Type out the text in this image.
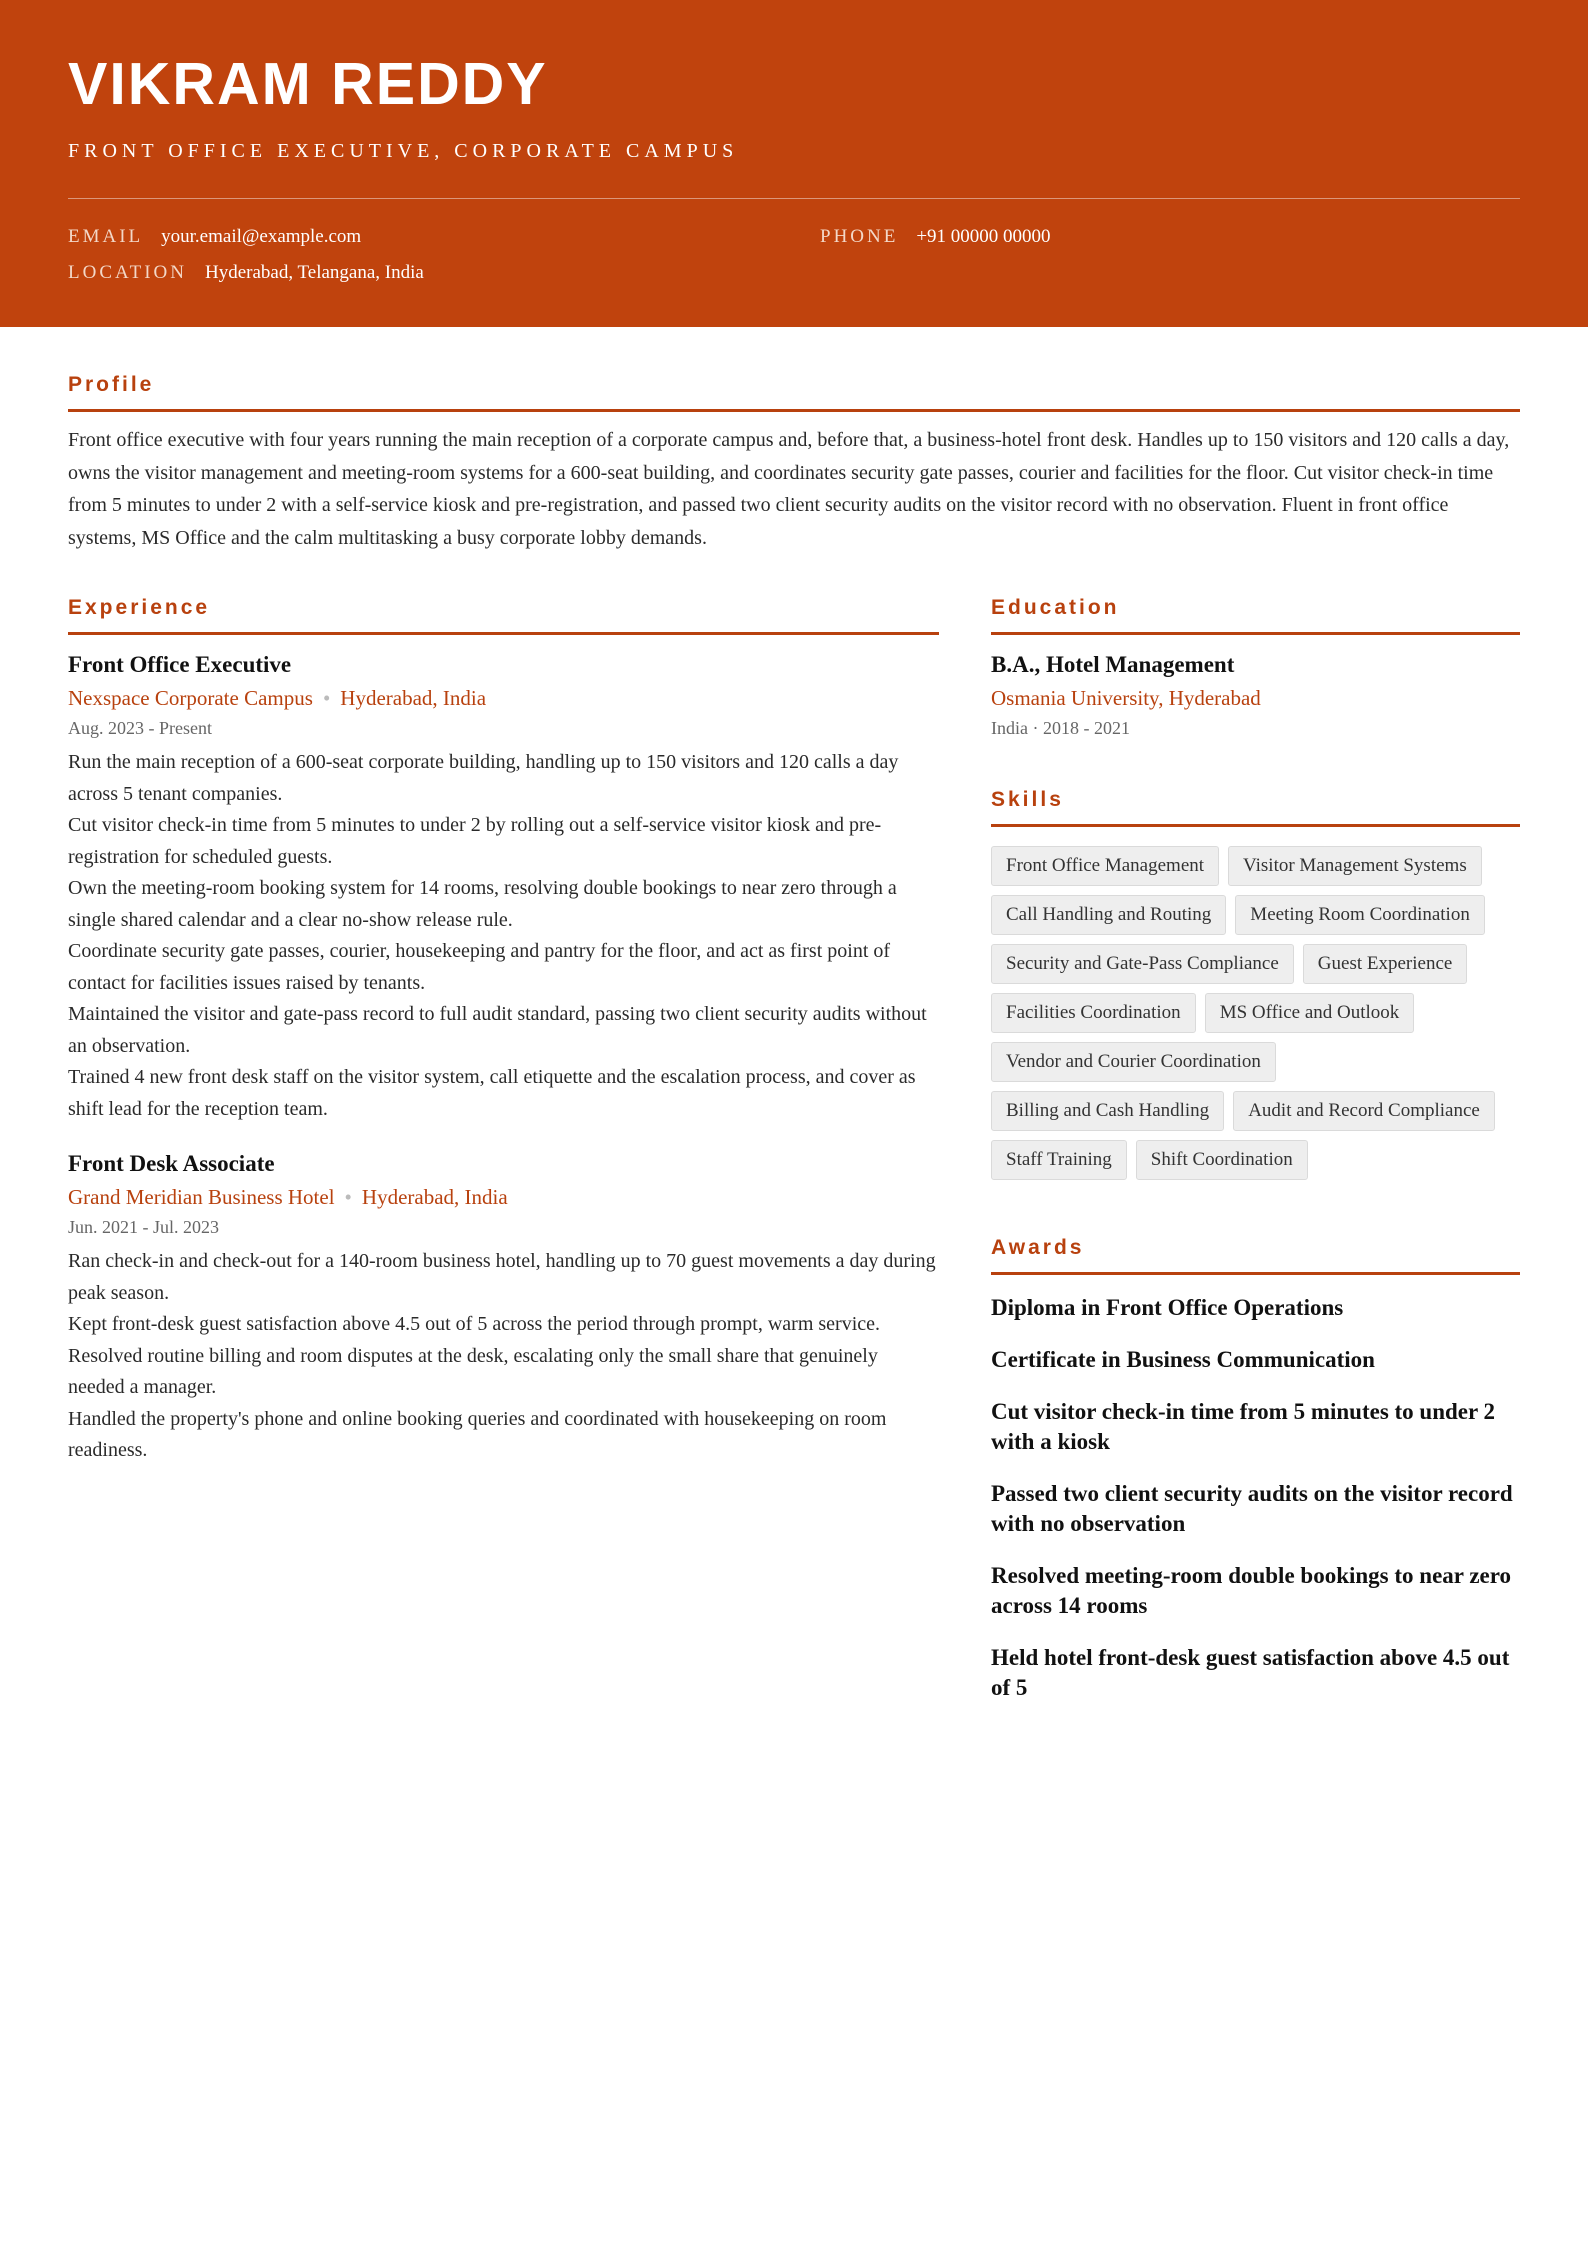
VIKRAM REDDY
FRONT OFFICE EXECUTIVE, CORPORATE CAMPUS
EMAIL your.email@example.com	PHONE +91 00000 00000
LOCATION Hyderabad, Telangana, India
Profile

Front office executive with four years running the main reception of a corporate campus and, before that, a business-hotel front desk. Handles up to 150 visitors and 120 calls a day, owns the visitor management and meeting-room systems for a 600-seat building, and coordinates security gate passes, courier and facilities for the floor. Cut visitor check-in time from 5 minutes to under 2 with a self-service kiosk and pre-registration, and passed two client security audits on the visitor record with no observation. Fluent in front office systems, MS Office and the calm multitasking a busy corporate lobby demands.

Experience
Front Office Executive
Nexspace Corporate Campus • Hyderabad, India
Aug. 2023 - Present
Run the main reception of a 600-seat corporate building, handling up to 150 visitors and 120 calls a day across 5 tenant companies.
Cut visitor check-in time from 5 minutes to under 2 by rolling out a self-service visitor kiosk and pre-registration for scheduled guests.
Own the meeting-room booking system for 14 rooms, resolving double bookings to near zero through a single shared calendar and a clear no-show release rule.
Coordinate security gate passes, courier, housekeeping and pantry for the floor, and act as first point of contact for facilities issues raised by tenants.
Maintained the visitor and gate-pass record to full audit standard, passing two client security audits without an observation.
Trained 4 new front desk staff on the visitor system, call etiquette and the escalation process, and cover as shift lead for the reception team.
Front Desk Associate
Grand Meridian Business Hotel • Hyderabad, India
Jun. 2021 - Jul. 2023
Ran check-in and check-out for a 140-room business hotel, handling up to 70 guest movements a day during peak season.
Kept front-desk guest satisfaction above 4.5 out of 5 across the period through prompt, warm service.
Resolved routine billing and room disputes at the desk, escalating only the small share that genuinely needed a manager.
Handled the property's phone and online booking queries and coordinated with housekeeping on room readiness.
Education
B.A., Hotel Management
Osmania University, Hyderabad
India · 2018 - 2021
Skills
Front Office Management	Visitor Management Systems
Call Handling and Routing	Meeting Room Coordination
Security and Gate-Pass Compliance	Guest Experience
Facilities Coordination	MS Office and Outlook
Vendor and Courier Coordination
Billing and Cash Handling	Audit and Record Compliance
Staff Training	Shift Coordination
Awards
Diploma in Front Office Operations
Certificate in Business Communication
Cut visitor check-in time from 5 minutes to under 2 with a kiosk
Passed two client security audits on the visitor record with no observation
Resolved meeting-room double bookings to near zero across 14 rooms
Held hotel front-desk guest satisfaction above 4.5 out of 5
